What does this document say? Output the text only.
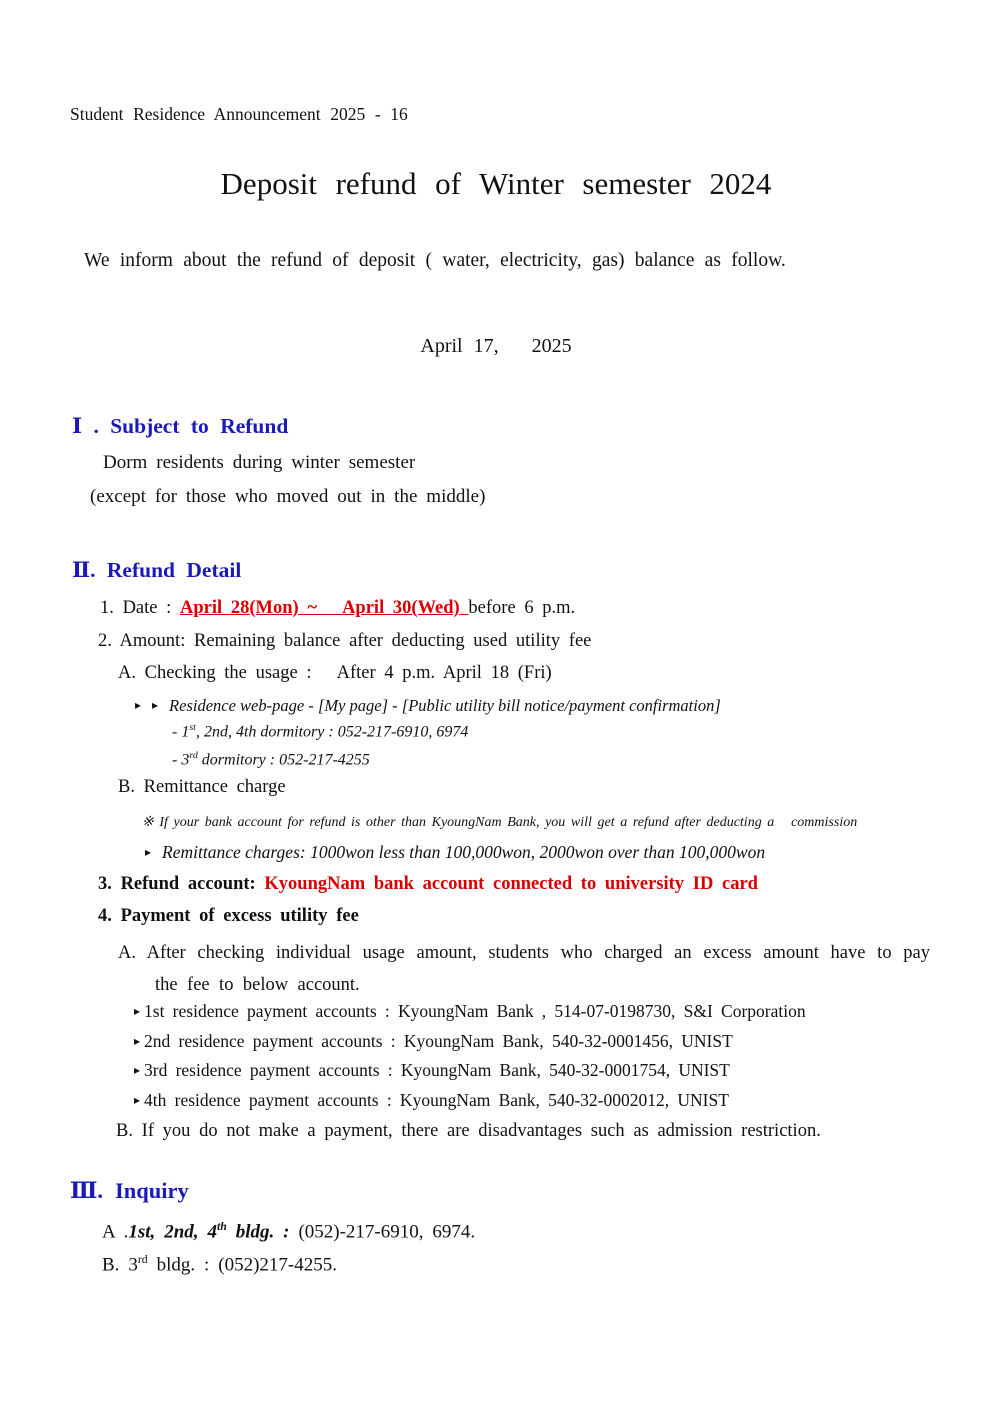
Student Residence Announcement 2025 - 16
Deposit refund of Winter semester 2024
We inform about the refund of deposit ( water, electricity, gas) balance as follow.
April 17,   2025
Ⅰ . Subject to Refund
Dorm residents during winter semester
(except for those who moved out in the middle)
Ⅱ. Refund Detail
1. Date : April 28(Mon) ~   April 30(Wed) before 6 p.m.
2. Amount: Remaining balance after deducting used utility fee
A. Checking the usage :   After 4 p.m. April 18 (Fri)
▸ ▸ Residence web-page - [My page] - [Public utility bill notice/payment confirmation]
- 1st, 2nd, 4th dormitory : 052-217-6910, 6974
- 3rd dormitory : 052-217-4255
B. Remittance charge
※ If your bank account for refund is other than KyoungNam Bank, you will get a refund after deducting a   commission
▸ Remittance charges: 1000won less than 100,000won, 2000won over than 100,000won
3. Refund account: KyoungNam bank account connected to university ID card
4. Payment of excess utility fee
A. After checking individual usage amount, students who charged an excess amount have to pay the fee to below account.
▸1st residence payment accounts : KyoungNam Bank , 514-07-0198730, S&I Corporation
▸2nd residence payment accounts : KyoungNam Bank, 540-32-0001456, UNIST
▸3rd residence payment accounts : KyoungNam Bank, 540-32-0001754, UNIST
▸4th residence payment accounts : KyoungNam Bank, 540-32-0002012, UNIST
B. If you do not make a payment, there are disadvantages such as admission restriction.
Ⅲ. Inquiry
A .1st, 2nd, 4th bldg. : (052)-217-6910, 6974.
B. 3rd bldg. : (052)217-4255.
